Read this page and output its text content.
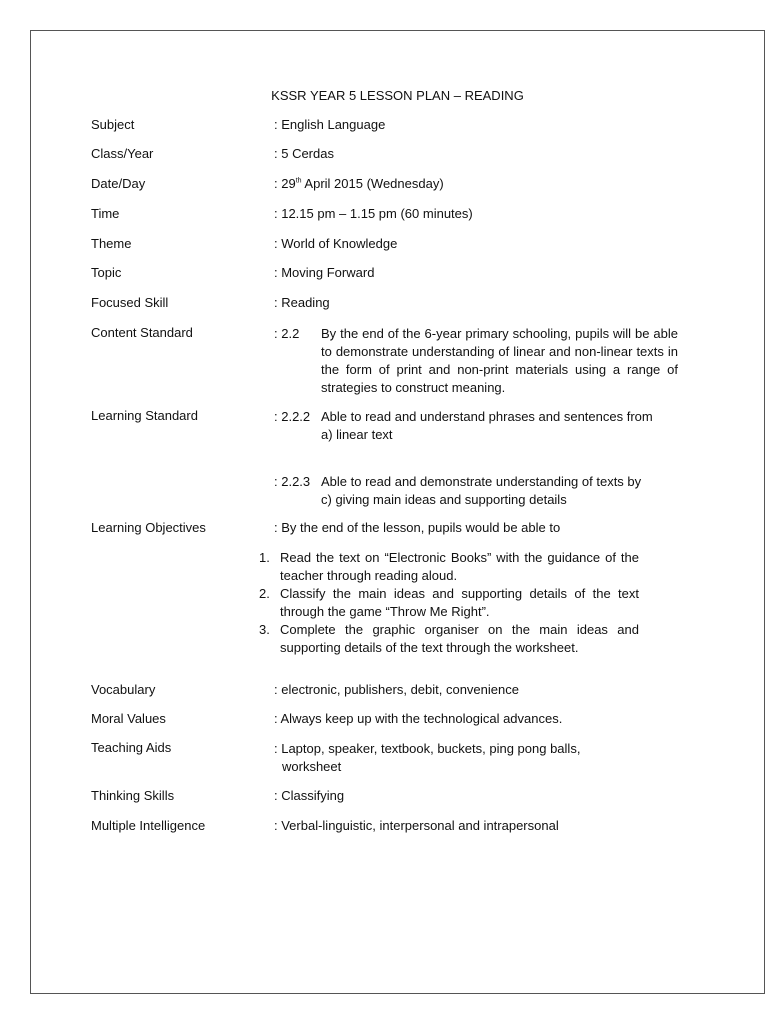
KSSR YEAR 5 LESSON PLAN – READING
Subject	: English Language
Class/Year	: 5 Cerdas
Date/Day	: 29th April 2015 (Wednesday)
Time	: 12.15 pm – 1.15 pm (60 minutes)
Theme	: World of Knowledge
Topic	: Moving Forward
Focused Skill	: Reading
Content Standard	: 2.2 By the end of the 6-year primary schooling, pupils will be able to demonstrate understanding of linear and non-linear texts in the form of print and non-print materials using a range of strategies to construct meaning.
Learning Standard	: 2.2.2 Able to read and understand phrases and sentences from
a) linear text
: 2.2.3 Able to read and demonstrate understanding of texts by
c) giving main ideas and supporting details
Learning Objectives	: By the end of the lesson, pupils would be able to
1. Read the text on “Electronic Books” with the guidance of the teacher through reading aloud.
2. Classify the main ideas and supporting details of the text through the game “Throw Me Right”.
3. Complete the graphic organiser on the main ideas and supporting details of the text through the worksheet.
Vocabulary	: electronic, publishers, debit, convenience
Moral Values	: Always keep up with the technological advances.
Teaching Aids	: Laptop, speaker, textbook, buckets, ping pong balls,
worksheet
Thinking Skills	: Classifying
Multiple Intelligence	: Verbal-linguistic, interpersonal and intrapersonal
